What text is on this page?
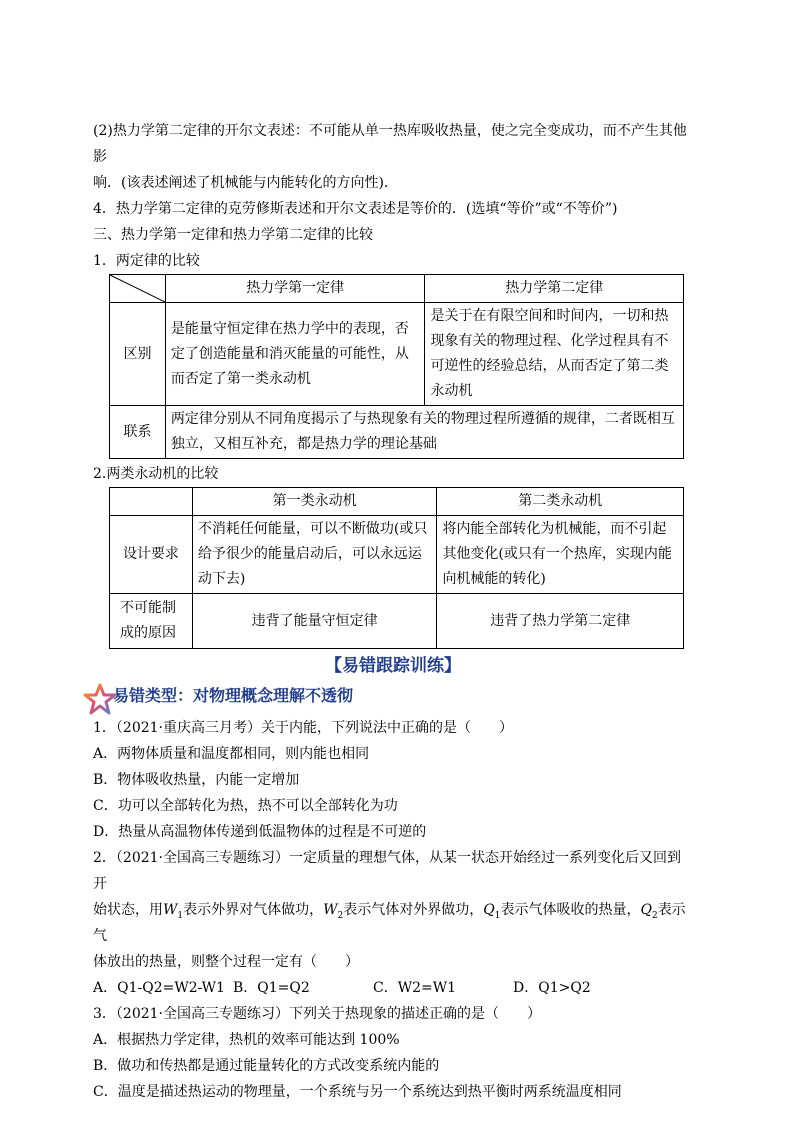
(2)热力学第二定律的开尔文表述：不可能从单一热库吸收热量，使之完全变成功，而不产生其他影
响．(该表述阐述了机械能与内能转化的方向性)．

4．热力学第二定律的克劳修斯表述和开尔文表述是等价的．(选填“等价”或“不等价”)

三、热力学第一定律和热力学第二定律的比较

1．两定律的比较

	热力学第一定律	热力学第二定律
区别	是能量守恒定律在热力学中的表现，否定了创造能量和消灭能量的可能性，从而否定了第一类永动机	是关于在有限空间和时间内，一切和热现象有关的物理过程、化学过程具有不可逆性的经验总结，从而否定了第二类永动机
联系	两定律分别从不同角度揭示了与热现象有关的物理过程所遵循的规律，二者既相互独立，又相互补充，都是热力学的理论基础	

2.两类永动机的比较

	第一类永动机	第二类永动机
设计要求	不消耗任何能量，可以不断做功(或只给予很少的能量启动后，可以永远运动下去)	将内能全部转化为机械能，而不引起其他变化(或只有一个热库，实现内能向机械能的转化)
不可能制成的原因	违背了能量守恒定律	违背了热力学第二定律
【易错跟踪训练】
易错类型：对物理概念理解不透彻

1．（2021·重庆高三月考）关于内能，下列说法中正确的是（　　）

A．两物体质量和温度都相同，则内能也相同

B．物体吸收热量，内能一定增加

C．功可以全部转化为热，热不可以全部转化为功

D．热量从高温物体传递到低温物体的过程是不可逆的

2．（2021·全国高三专题练习）一定质量的理想气体，从某一状态开始经过一系列变化后又回到开

始状态，用$W_1$表示外界对气体做功，$W_2$表示气体对外界做功，$Q_1$表示气体吸收的热量，$Q_2$表示气

体放出的热量，则整个过程一定有（　　）

A．Q1-Q2=W2-W1 B．Q1=Q2	C．W2=W1	D．Q1>Q2

3．（2021·全国高三专题练习）下列关于热现象的描述正确的是（　　）

A．根据热力学定律，热机的效率可能达到 100%

B．做功和传热都是通过能量转化的方式改变系统内能的

C．温度是描述热运动的物理量，一个系统与另一个系统达到热平衡时两系统温度相同
